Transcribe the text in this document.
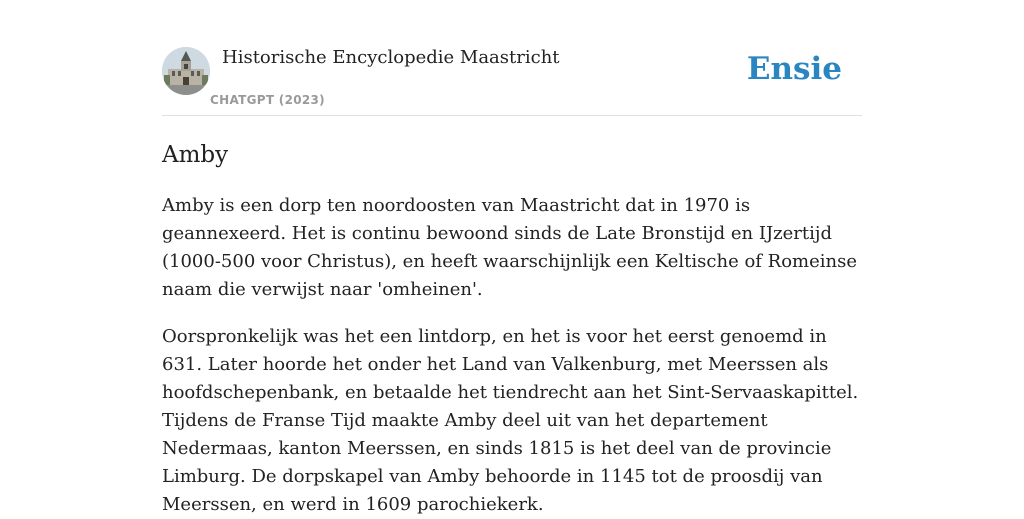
Historische Encyclopedie Maastricht
CHATGPT (2023)
Ensie
Amby

Amby is een dorp ten noordoosten van Maastricht dat in 1970 is geannexeerd. Het is continu bewoond sinds de Late Bronstijd en IJzertijd (1000-500 voor Christus), en heeft waarschijnlijk een Keltische of Romeinse naam die verwijst naar 'omheinen'.

Oorspronkelijk was het een lintdorp, en het is voor het eerst genoemd in 631. Later hoorde het onder het Land van Valkenburg, met Meerssen als hoofdschepenbank, en betaalde het tiendrecht aan het Sint-Servaaskapittel. Tijdens de Franse Tijd maakte Amby deel uit van het departement Nedermaas, kanton Meerssen, en sinds 1815 is het deel van de provincie Limburg. De dorpskapel van Amby behoorde in 1145 tot de proosdij van Meerssen, en werd in 1609 parochiekerk.
